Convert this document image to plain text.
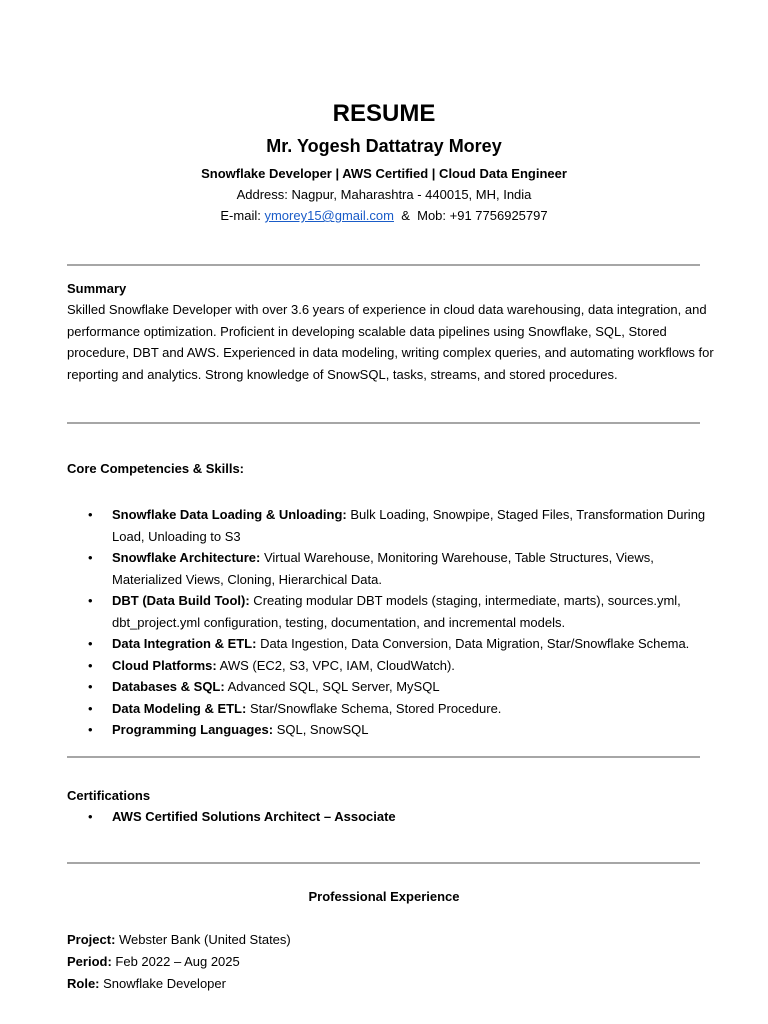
RESUME
Mr. Yogesh Dattatray Morey
Snowflake Developer | AWS Certified | Cloud Data Engineer
Address: Nagpur, Maharashtra - 440015, MH, India
E-mail: ymorey15@gmail.com & Mob: +91 7756925797
Summary

Skilled Snowflake Developer with over 3.6 years of experience in cloud data warehousing, data integration, and performance optimization. Proficient in developing scalable data pipelines using Snowflake, SQL, Stored procedure, DBT and AWS. Experienced in data modeling, writing complex queries, and automating workflows for reporting and analytics. Strong knowledge of SnowSQL, tasks, streams, and stored procedures.

Core Competencies & Skills:
• Snowflake Data Loading & Unloading: Bulk Loading, Snowpipe, Staged Files, Transformation During Load, Unloading to S3
• Snowflake Architecture: Virtual Warehouse, Monitoring Warehouse, Table Structures, Views, Materialized Views, Cloning, Hierarchical Data.
• DBT (Data Build Tool): Creating modular DBT models (staging, intermediate, marts), sources.yml, dbt_project.yml configuration, testing, documentation, and incremental models.
• Data Integration & ETL: Data Ingestion, Data Conversion, Data Migration, Star/Snowflake Schema.
• Cloud Platforms: AWS (EC2, S3, VPC, IAM, CloudWatch).
• Databases & SQL: Advanced SQL, SQL Server, MySQL
• Data Modeling & ETL: Star/Snowflake Schema, Stored Procedure.
• Programming Languages: SQL, SnowSQL
Certifications
• AWS Certified Solutions Architect – Associate
Professional Experience
Project: Webster Bank (United States)
Period: Feb 2022 – Aug 2025
Role: Snowflake Developer
